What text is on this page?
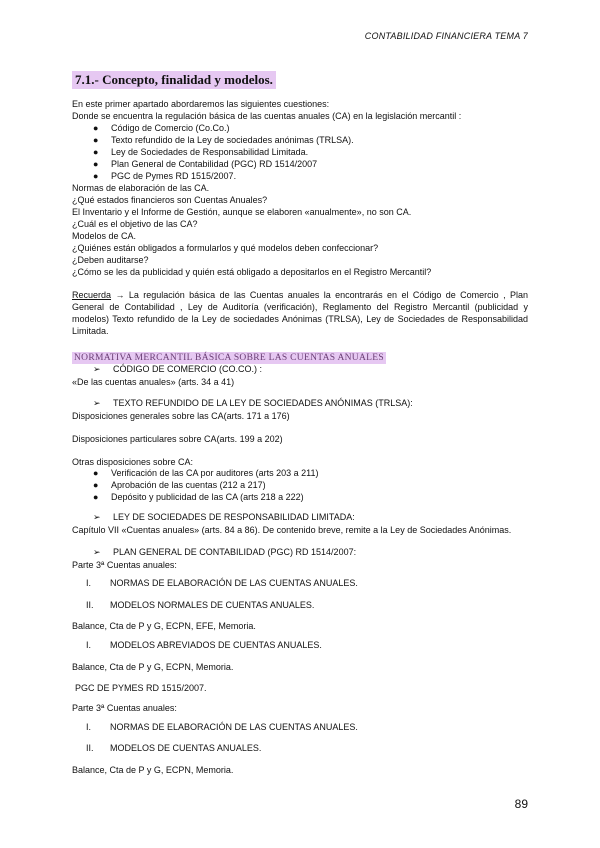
CONTABILIDAD FINANCIERA TEMA 7
7.1.- Concepto, finalidad y modelos.
En este primer apartado abordaremos las siguientes cuestiones:
Donde se encuentra la regulación básica de las cuentas anuales (CA) en la legislación mercantil :
● Código de Comercio (Co.Co.)
● Texto refundido de la Ley de sociedades anónimas (TRLSA).
● Ley de Sociedades de Responsabilidad Limitada.
● Plan General de Contabilidad (PGC) RD 1514/2007
● PGC de Pymes RD 1515/2007.
Normas de elaboración de las CA.
¿Qué estados financieros son Cuentas Anuales?
El Inventario y el Informe de Gestión, aunque se elaboren «anualmente», no son CA.
¿Cuál es el objetivo de las CA?
Modelos de CA.
¿Quiénes están obligados a formularlos y qué modelos deben confeccionar?
¿Deben auditarse?
¿Cómo se les da publicidad y quién está obligado a depositarlos en el Registro Mercantil?
Recuerda → La regulación básica de las Cuentas anuales la encontrarás en el Código de Comercio , Plan General de Contabilidad , Ley de Auditoría (verificación), Reglamento del Registro Mercantil (publicidad y modelos) Texto refundido de la Ley de sociedades Anónimas (TRLSA), Ley de Sociedades de Responsabilidad Limitada.
NORMATIVA MERCANTIL BÁSICA SOBRE LAS CUENTAS ANUALES
➢ CÓDIGO DE COMERCIO (CO.CO.) :
«De las cuentas anuales» (arts. 34 a 41)
➢ TEXTO REFUNDIDO DE LA LEY DE SOCIEDADES ANÓNIMAS (TRLSA):
Disposiciones generales sobre las CA(arts. 171 a 176)
Disposiciones particulares sobre CA(arts. 199 a 202)
Otras disposiciones sobre CA:
● Verificación de las CA por auditores (arts 203 a 211)
● Aprobación de las cuentas (212 a 217)
● Depósito y publicidad de las CA (arts 218 a 222)
➢ LEY DE SOCIEDADES DE RESPONSABILIDAD LIMITADA:
Capítulo VII «Cuentas anuales» (arts. 84 a 86). De contenido breve, remite a la Ley de Sociedades Anónimas.
➢ PLAN GENERAL DE CONTABILIDAD (PGC) RD 1514/2007:
Parte 3ª Cuentas anuales:
I. NORMAS DE ELABORACIÓN DE LAS CUENTAS ANUALES.
II. MODELOS NORMALES DE CUENTAS ANUALES.
Balance, Cta de P y G, ECPN, EFE, Memoria.
I. MODELOS ABREVIADOS DE CUENTAS ANUALES.
Balance, Cta de P y G, ECPN, Memoria.
PGC DE PYMES RD 1515/2007.
Parte 3ª Cuentas anuales:
I. NORMAS DE ELABORACIÓN DE LAS CUENTAS ANUALES.
II. MODELOS DE CUENTAS ANUALES.
Balance, Cta de P y G, ECPN, Memoria.
89
